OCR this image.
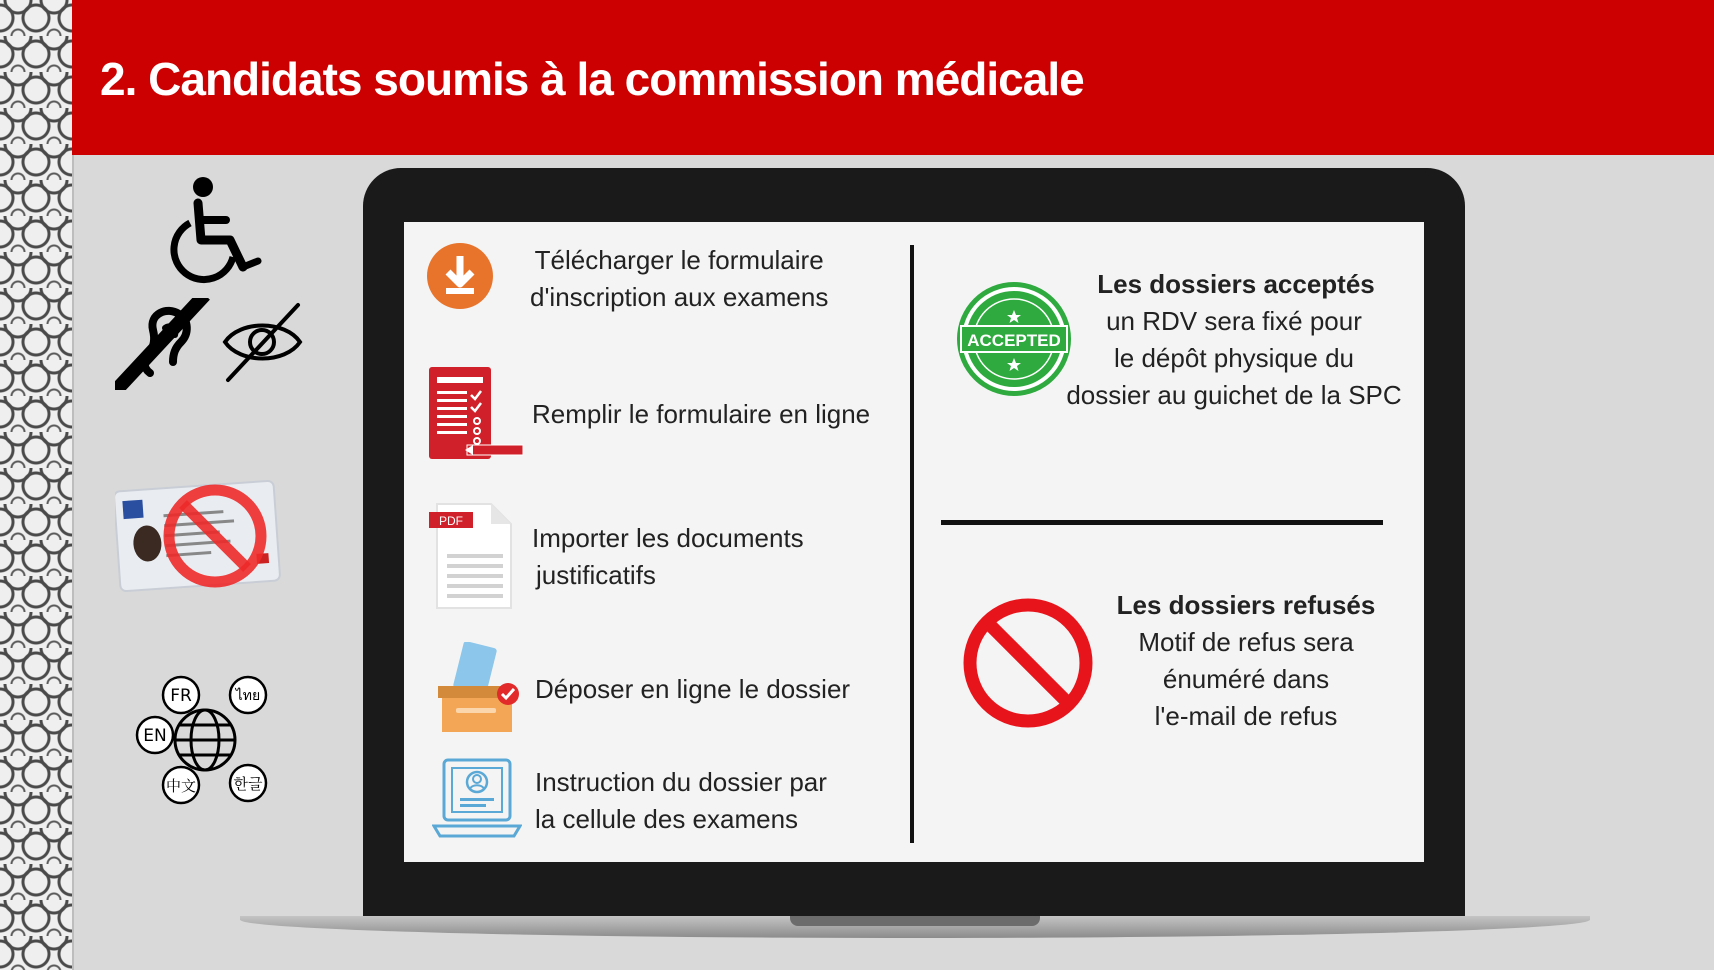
2. Candidats soumis à la commission médicale
FR	ไทย
EN
中文	한글
Télécharger le formulaire
d'inscription aux examens
Remplir le formulaire en ligne
PDF
Importer les documents
justificatifs
Déposer en ligne le dossier
Instruction du dossier par
la cellule des examens
ACCEPTED
Les dossiers acceptés
un RDV sera fixé pour
le dépôt physique du
dossier au guichet de la SPC
Les dossiers refusés
Motif de refus sera
énuméré dans
l'e-mail de refus
